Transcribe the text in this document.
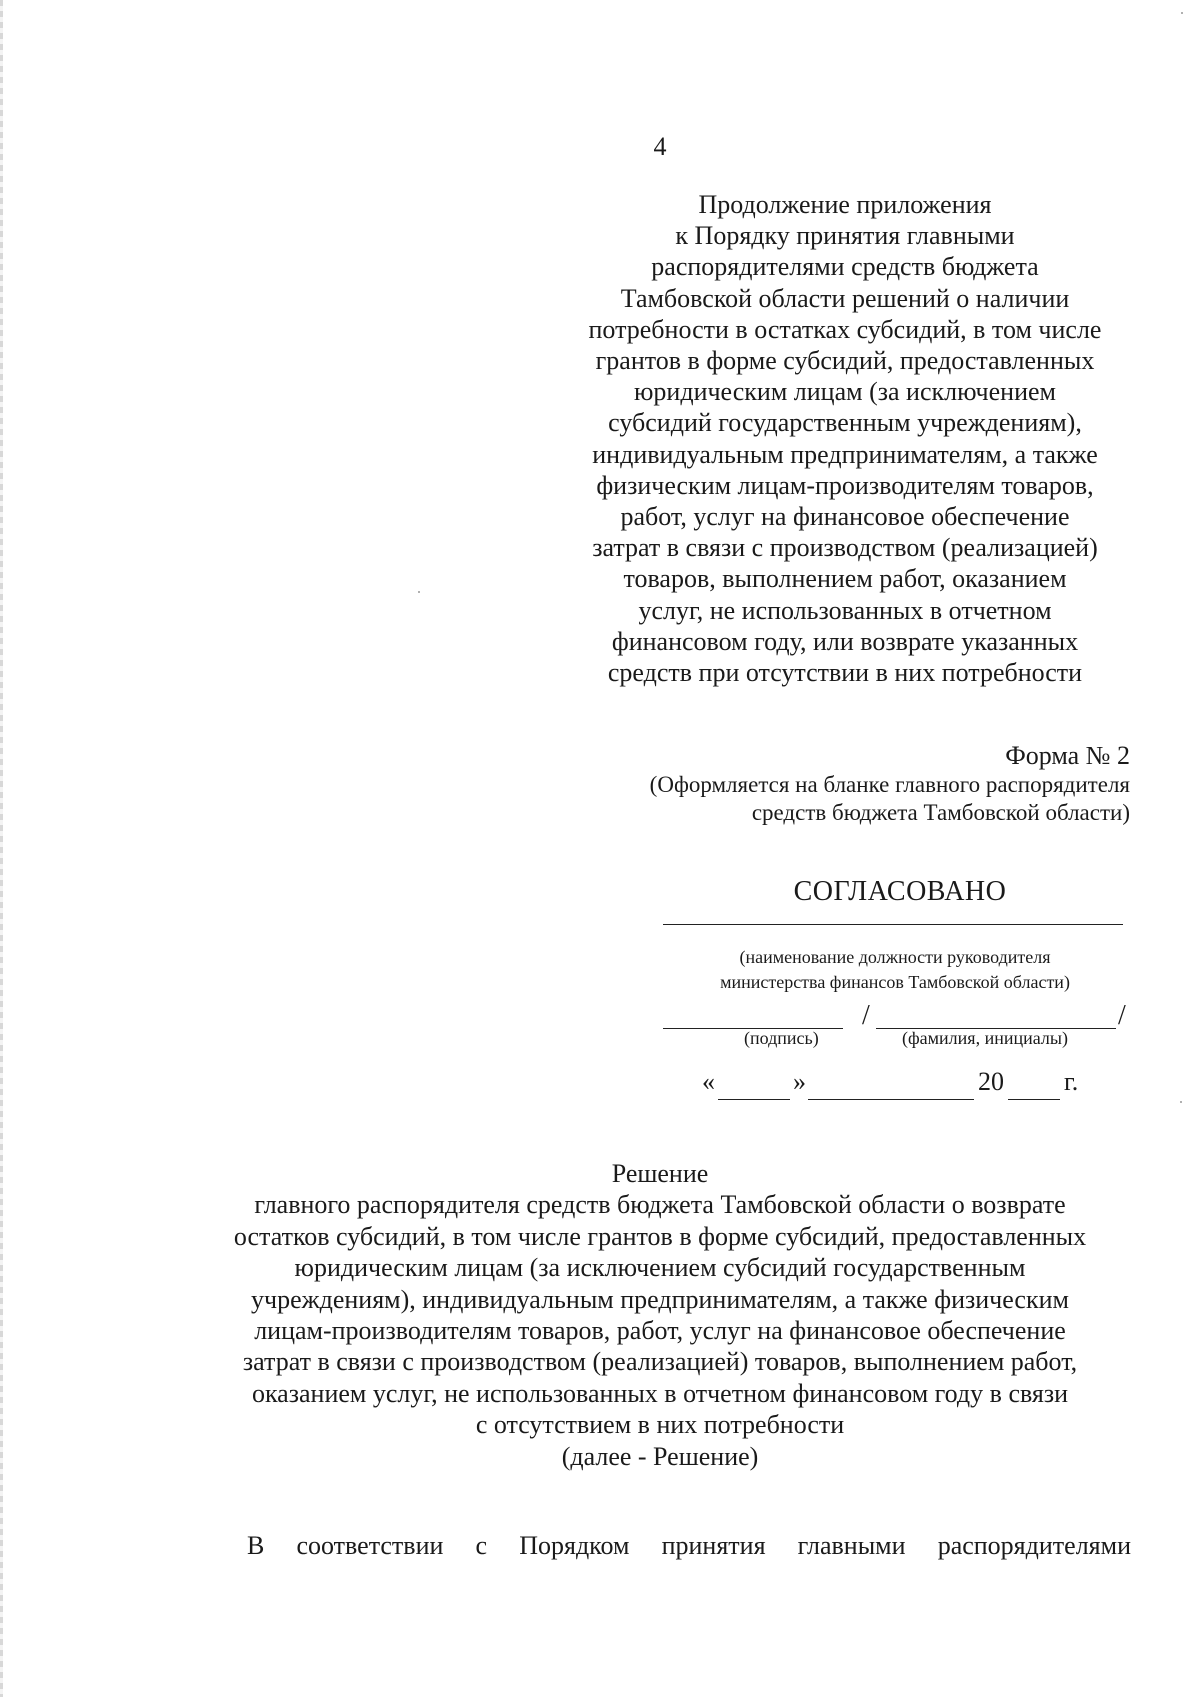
4
Продолжение приложения
к Порядку принятия главными
распорядителями средств бюджета
Тамбовской области решений о наличии
потребности в остатках субсидий, в том числе
грантов в форме субсидий, предоставленных
юридическим лицам (за исключением
субсидий государственным учреждениям),
индивидуальным предпринимателям, а также
физическим лицам-производителям товаров,
работ, услуг на финансовое обеспечение
затрат в связи с производством (реализацией)
товаров, выполнением работ, оказанием
услуг, не использованных в отчетном
финансовом году, или возврате указанных
средств при отсутствии в них потребности
Форма № 2
(Оформляется на бланке главного распорядителя
средств бюджета Тамбовской области)
СОГЛАСОВАНО
(наименование должности руководителя
министерства финансов Тамбовской области)
/	/
(подпись)	(фамилия, инициалы)
«	»	20 г.
Решение
главного распорядителя средств бюджета Тамбовской области о возврате
остатков субсидий, в том числе грантов в форме субсидий, предоставленных
юридическим лицам (за исключением субсидий государственным
учреждениям), индивидуальным предпринимателям, а также физическим
лицам-производителям товаров, работ, услуг на финансовое обеспечение
затрат в связи с производством (реализацией) товаров, выполнением работ,
оказанием услуг, не использованных в отчетном финансовом году в связи
с отсутствием в них потребности
(далее - Решение)
В соответствии с Порядком принятия главными распорядителями
